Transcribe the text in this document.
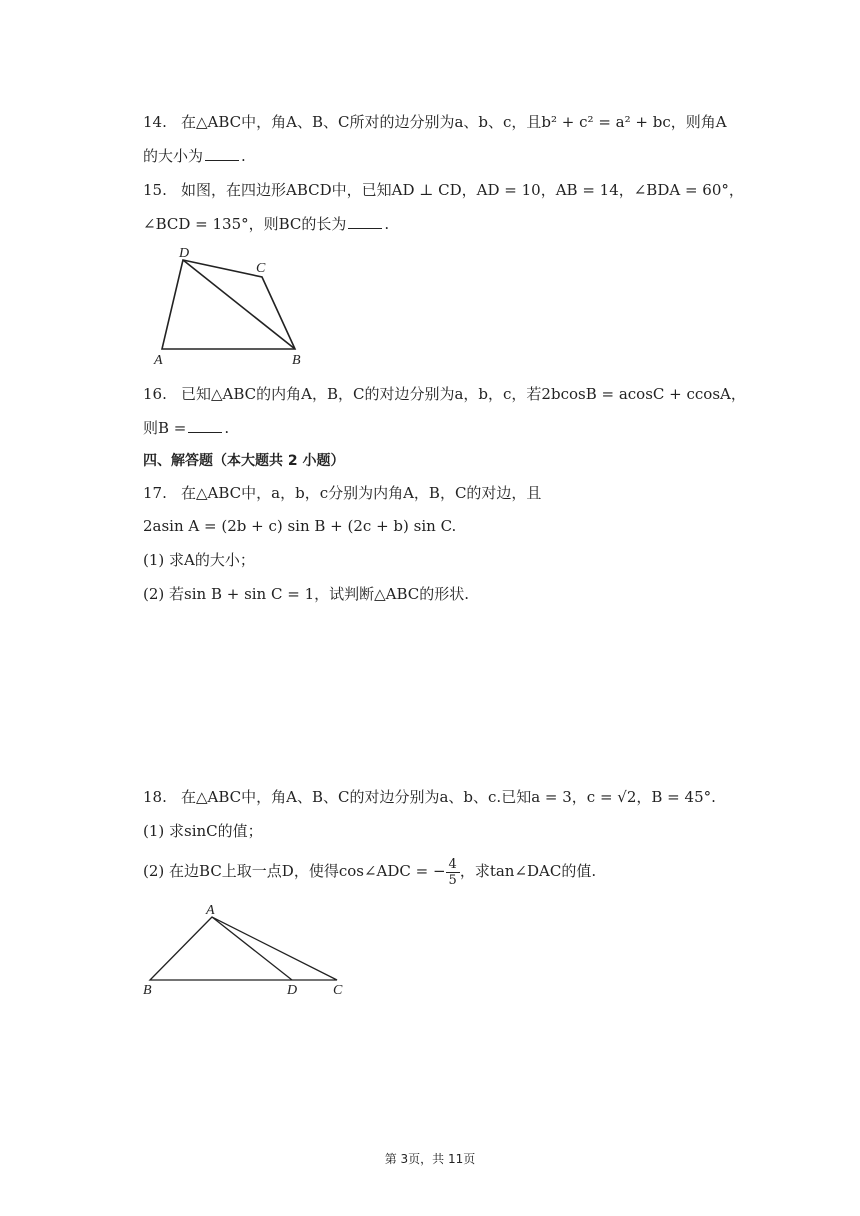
14. 在△ABC中，角A、B、C所对的边分别为a、b、c，且b² + c² = a² + bc，则角A
的大小为	.
15. 如图，在四边形ABCD中，已知AD ⊥ CD，AD = 10，AB = 14，∠BDA = 60°，
∠BCD = 135°，则BC的长为	.
D
C
A	B
16. 已知△ABC的内角A，B，C的对边分别为a，b，c，若2bcosB = acosC + ccosA，
则B =	.
四、解答题（本大题共 2 小题）
17. 在△ABC中，a，b，c分别为内角A，B，C的对边，且
2asin A = (2b + c) sin B + (2c + b) sin C.
(1) 求A的大小；
(2) 若sin B + sin C = 1，试判断△ABC的形状.
18. 在△ABC中，角A、B、C的对边分别为a、b、c.已知a = 3，c = √2，B = 45°.
(1) 求sinC的值；
(2) 在边BC上取一点D，使得cos∠ADC = − $\frac{4}{5}$ ，求tan∠DAC的值.
A
B	D	C
第 3页，共 11页
